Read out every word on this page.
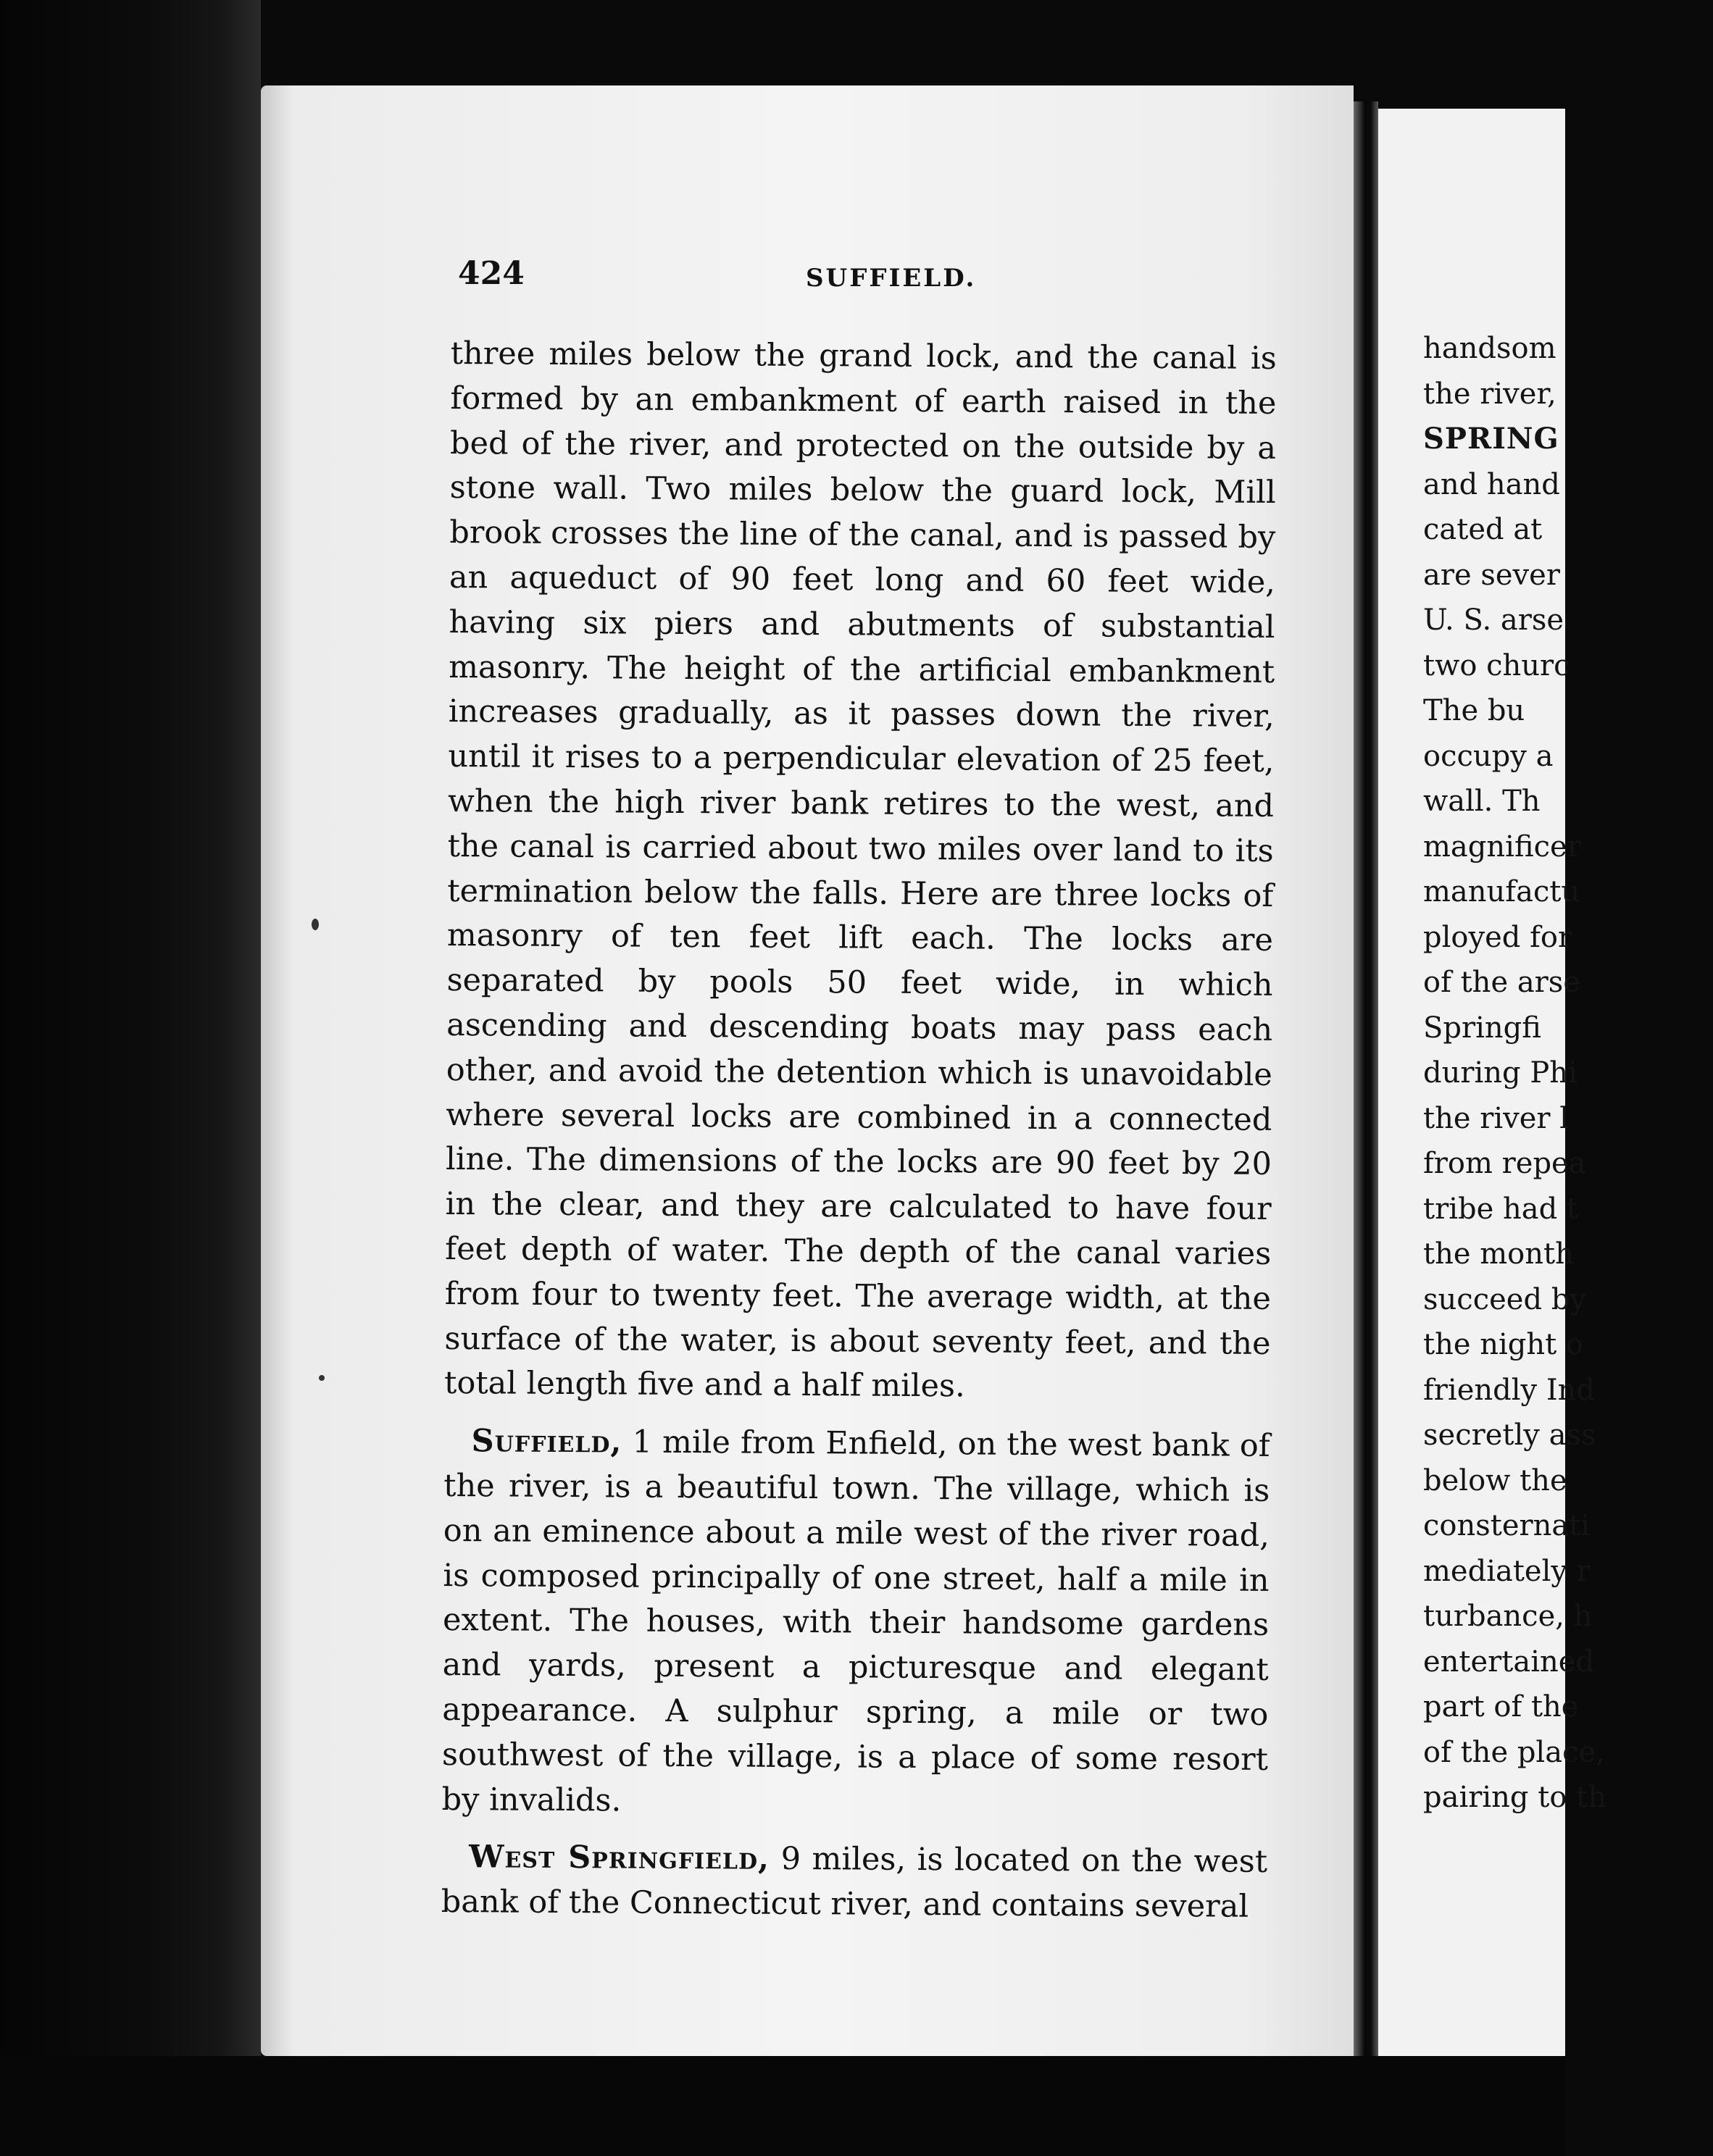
handsom
the river,
SPRING
and hand
cated at
are sever
U. S. arse
two churc
The bu
occupy a
wall. Th
magnificer
manufactu
ployed for
of the arse
Springfi
during Phi
the river l
from repea
tribe had t
the month
succeed by
the night o
friendly Ind
secretly ass
below the
consternati
mediately r
turbance, h
entertained
part of the
of the place,
pairing to th
424	SUFFIELD.

three miles below the grand lock, and the canal is formed by an embankment of earth raised in the bed of the river, and protected on the outside by a stone wall. Two miles below the guard lock, Mill brook crosses the line of the canal, and is passed by an aqueduct of 90 feet long and 60 feet wide, having six piers and abutments of substantial masonry. The height of the artificial embankment increases gradually, as it passes down the river, until it rises to a perpendicular elevation of 25 feet, when the high river bank retires to the west, and the canal is carried about two miles over land to its termination below the falls. Here are three locks of masonry of ten feet lift each. The locks are separated by pools 50 feet wide, in which ascending and descending boats may pass each other, and avoid the detention which is unavoidable where several locks are combined in a connected line. The dimensions of the locks are 90 feet by 20 in the clear, and they are calculated to have four feet depth of water. The depth of the canal varies from four to twenty feet. The average width, at the surface of the water, is about seventy feet, and the total length five and a half miles.

Suffield, 1 mile from Enfield, on the west bank of the river, is a beautiful town. The village, which is on an eminence about a mile west of the river road, is composed principally of one street, half a mile in extent. The houses, with their handsome gardens and yards, present a picturesque and elegant appearance. A sulphur spring, a mile or two southwest of the village, is a place of some resort by invalids.

West Springfield, 9 miles, is located on the west bank of the Connecticut river, and contains several
